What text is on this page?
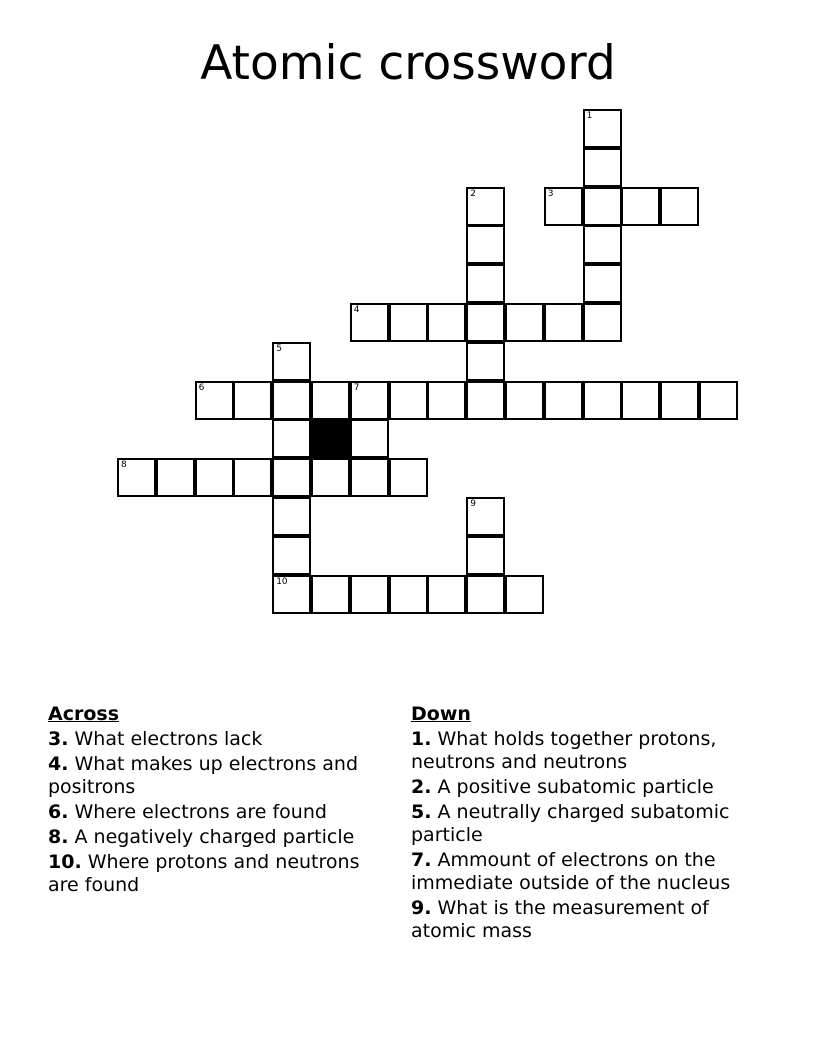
Atomic crossword
1
2	3
4
5
10
6	7
8
9
Across
3. What electrons lack
4. What makes up electrons and positrons
6. Where electrons are found
8. A negatively charged particle
10. Where protons and neutrons are found
Down
1. What holds together protons, neutrons and neutrons
2. A positive subatomic particle
5. A neutrally charged subatomic particle
7. Ammount of electrons on the immediate outside of the nucleus
9. What is the measurement of atomic mass
